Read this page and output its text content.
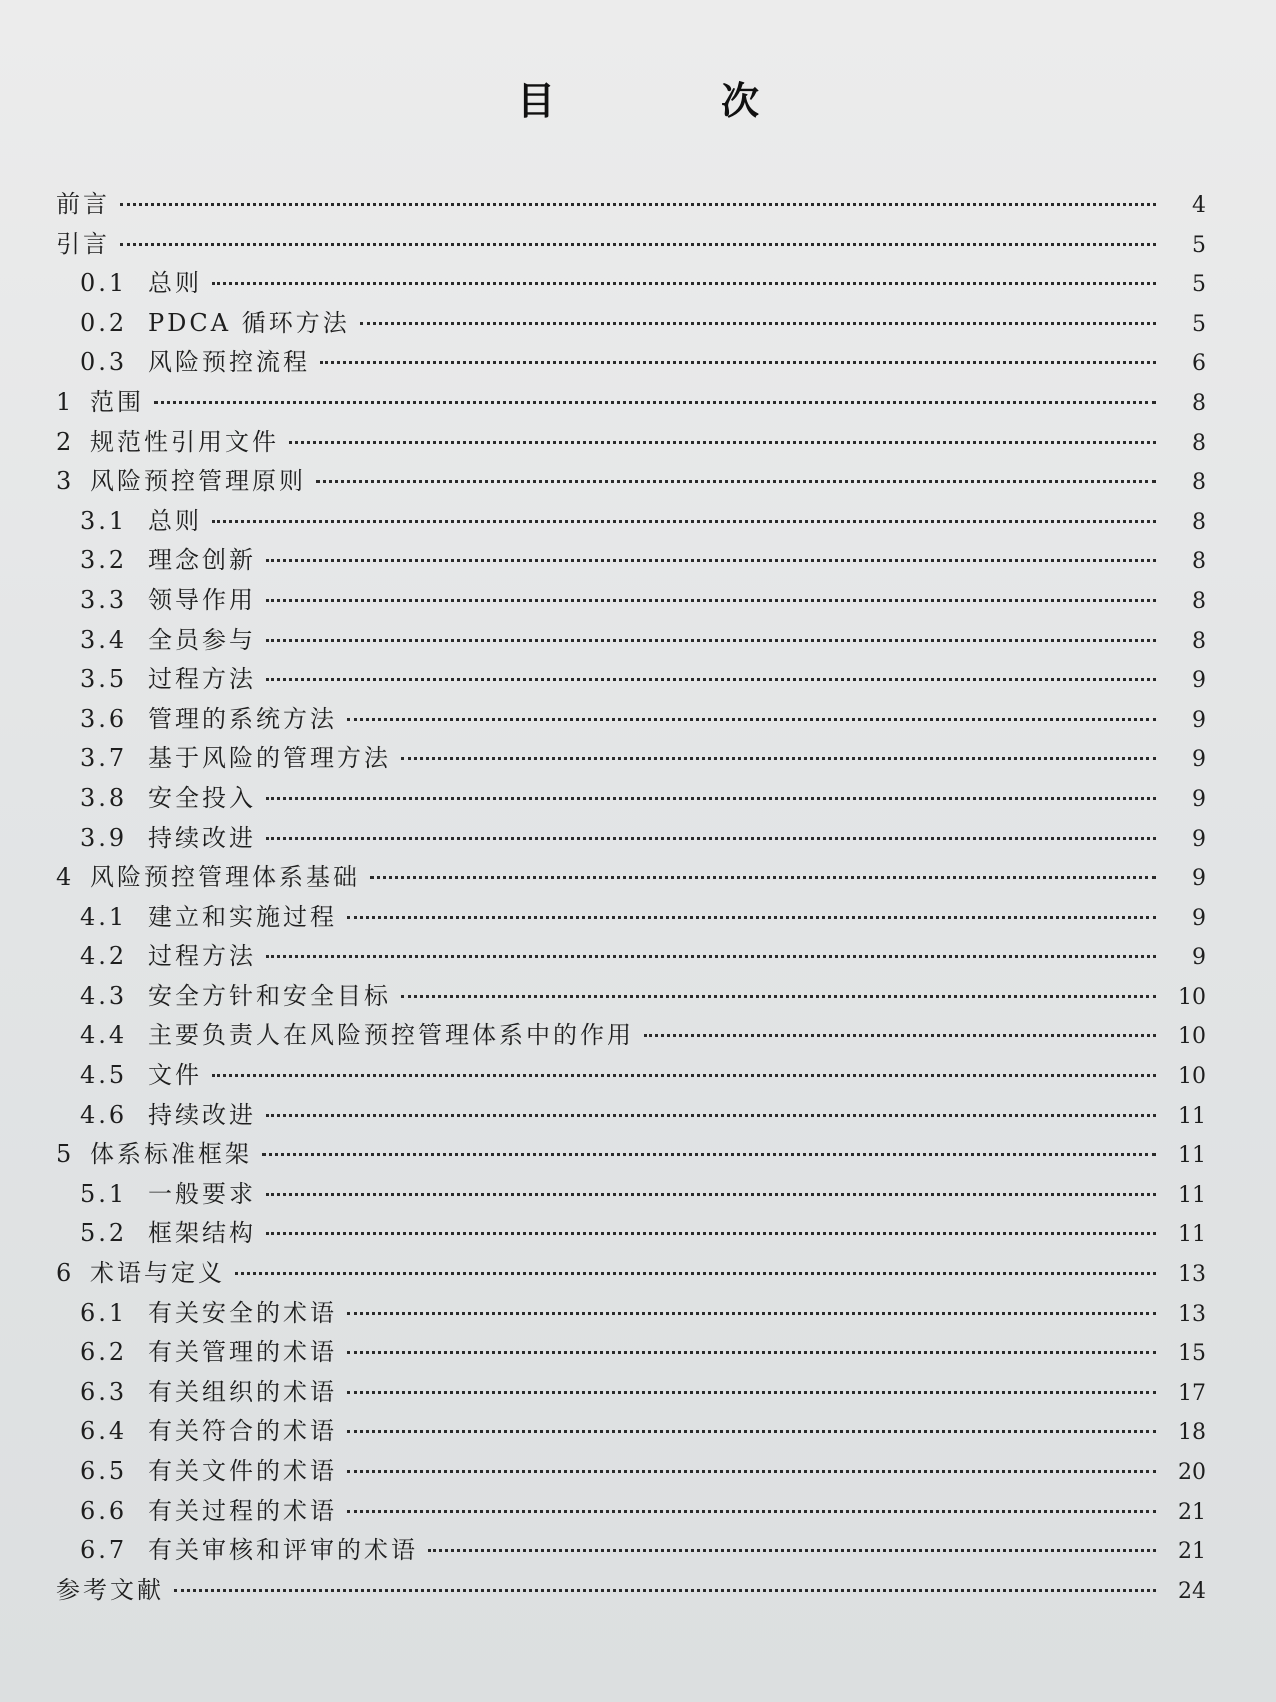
目　次
前言	4
引言	5
0.1 总则	5
0.2 PDCA 循环方法	5
0.3 风险预控流程	6
1 范围	8
2 规范性引用文件	8
3 风险预控管理原则	8
3.1 总则	8
3.2 理念创新	8
3.3 领导作用	8
3.4 全员参与	8
3.5 过程方法	9
3.6 管理的系统方法	9
3.7 基于风险的管理方法	9
3.8 安全投入	9
3.9 持续改进	9
4 风险预控管理体系基础	9
4.1 建立和实施过程	9
4.2 过程方法	9
4.3 安全方针和安全目标	10
4.4 主要负责人在风险预控管理体系中的作用	10
4.5 文件	10
4.6 持续改进	11
5 体系标准框架	11
5.1 一般要求	11
5.2 框架结构	11
6 术语与定义	13
6.1 有关安全的术语	13
6.2 有关管理的术语	15
6.3 有关组织的术语	17
6.4 有关符合的术语	18
6.5 有关文件的术语	20
6.6 有关过程的术语	21
6.7 有关审核和评审的术语	21
参考文献	24
